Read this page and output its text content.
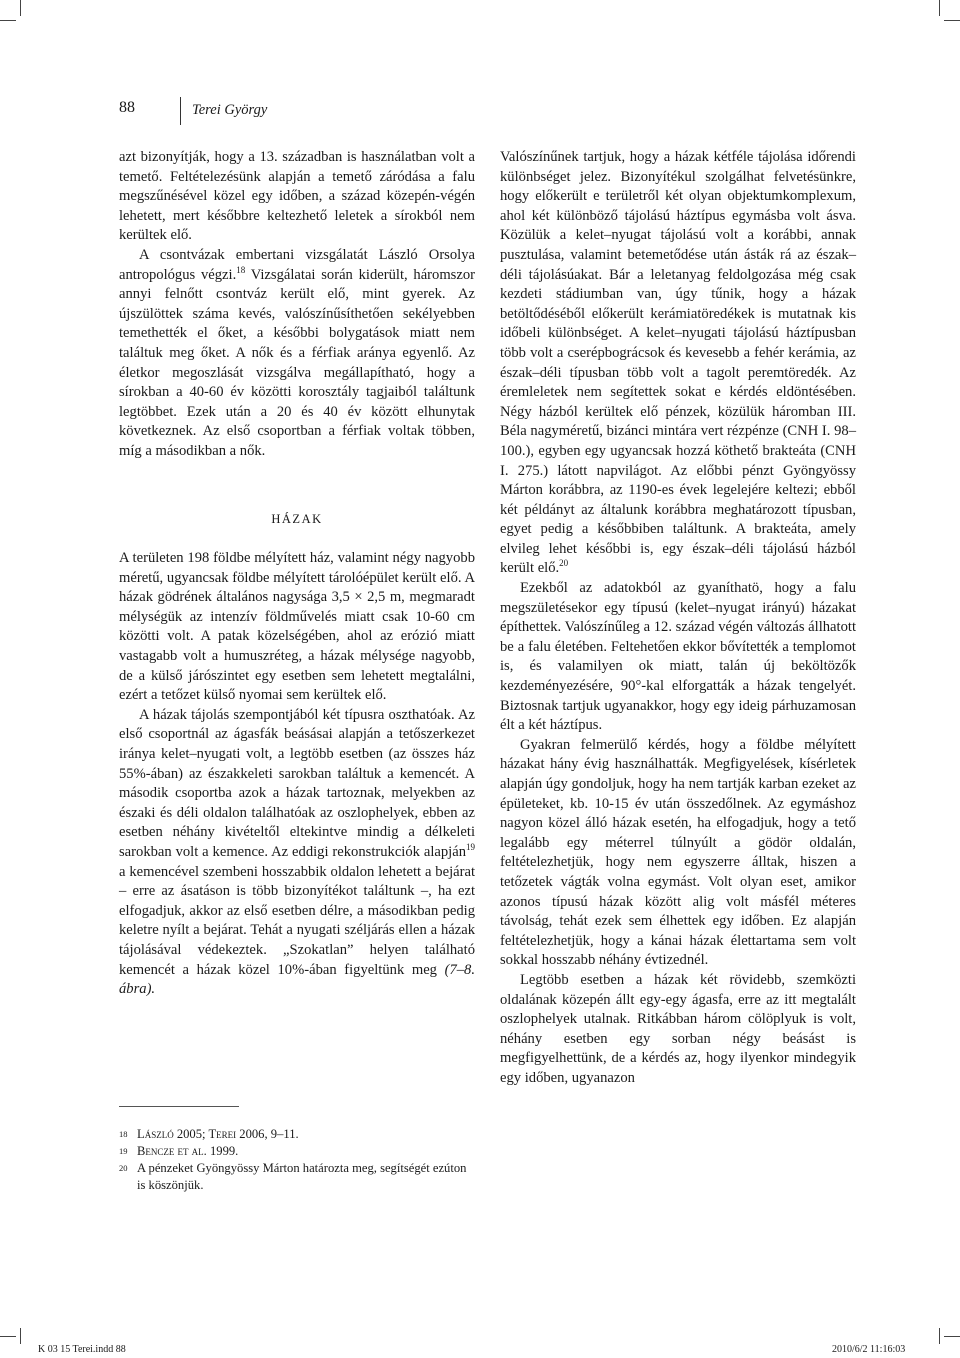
88	Terei György

azt bizonyítják, hogy a 13. században is használatban volt a temető. Feltételezésünk alapján a temető záródása a falu megszűnésével közel egy időben, a század közepén-végén lehetett, mert későbbre keltezhető leletek a sírokból nem kerültek elő.

A csontvázak embertani vizsgálatát László Orsolya antropológus végzi.$^{18}$ Vizsgálatai során kiderült, háromszor annyi felnőtt csontváz került elő, mint gyerek. Az újszülöttek száma kevés, valószínűsíthetően sekélyebben temethették el őket, a későbbi bolygatások miatt nem találtuk meg őket. A nők és a férfiak aránya egyenlő. Az életkor megoszlását vizsgálva megállapítható, hogy a sírokban a 40-60 év közötti korosztály tagjaiból találtunk legtöbbet. Ezek után a 20 és 40 év között elhunytak következnek. Az első csoportban a férfiak voltak többen, míg a másodikban a nők.

HÁZAK

A területen 198 földbe mélyített ház, valamint négy nagyobb méretű, ugyancsak földbe mélyített tárolóépület került elő. A házak gödrének általános nagysága 3,5 × 2,5 m, megmaradt mélységük az intenzív földművelés miatt csak 10-60 cm közötti volt. A patak közelségében, ahol az erózió miatt vastagabb volt a humuszréteg, a házak mélysége nagyobb, de a külső járószintet egy esetben sem lehetett megtalálni, ezért a tetőzet külső nyomai sem kerültek elő.

A házak tájolás szempontjából két típusra oszthatóak. Az első csoportnál az ágasfák beásásai alapján a tetőszerkezet iránya kelet–nyugati volt, a legtöbb esetben (az összes ház 55%-ában) az északkeleti sarokban találtuk a kemencét. A második csoportba azok a házak tartoznak, melyekben az északi és déli oldalon találhatóak az oszlophelyek, ebben az esetben néhány kivételtől eltekintve mindig a délkeleti sarokban volt a kemence. Az eddigi rekonstrukciók alapján$^{19}$ a kemencével szembeni hosszabbik oldalon lehetett a bejárat – erre az ásatáson is több bizonyítékot találtunk –, ha ezt elfogadjuk, akkor az első esetben délre, a másodikban pedig keletre nyílt a bejárat. Tehát a nyugati széljárás ellen a házak tájolásával védekeztek. „Szokatlan” helyen található kemencét a házak közel 10%-ában figyeltünk meg (7–8. ábra).

18 László 2005; Terei 2006, 9–11.
19 Bencze et al. 1999.
20 A pénzeket Gyöngyössy Márton határozta meg, segítségét ezúton is köszönjük.

Valószínűnek tartjuk, hogy a házak kétféle tájolása időrendi különbséget jelez. Bizonyítékul szolgálhat felvetésünkre, hogy előkerült e területről két olyan objektumkomplexum, ahol két különböző tájolású háztípus egymásba volt ásva. Közülük a kelet–nyugat tájolású volt a korábbi, annak pusztulása, valamint betemetődése után ásták rá az észak–déli tájolásúakat. Bár a leletanyag feldolgozása még csak kezdeti stádiumban van, úgy tűnik, hogy a házak betöltődéséből előkerült kerámiatöredékek is mutatnak kis időbeli különbséget. A kelet–nyugati tájolású háztípusban több volt a cserépbográcsok és kevesebb a fehér kerámia, az észak–déli típusban több volt a tagolt peremtöredék. Az éremleletek nem segítettek sokat e kérdés eldöntésében. Négy házból kerültek elő pénzek, közülük háromban III. Béla nagyméretű, bizánci mintára vert rézpénze (CNH I. 98–100.), egyben egy ugyancsak hozzá köthető brakteáta (CNH I. 275.) látott napvilágot. Az előbbi pénzt Gyöngyössy Márton korábbra, az 1190-es évek legelejére keltezi; ebből két példányt az általunk korábbra meghatározott típusban, egyet pedig a későbbiben találtunk. A brakteáta, amely elvileg lehet későbbi is, egy észak–déli tájolású házból került elő.$^{20}$

Ezekből az adatokból az gyaníthatö, hogy a falu megszületésekor egy típusú (kelet–nyugat irányú) házakat építhettek. Valószínűleg a 12. század végén változás állhatott be a falu életében. Feltehetően ekkor bővítették a templomot is, és valamilyen ok miatt, talán új beköltözők kezdeményezésére, 90°-kal elforgatták a házak tengelyét. Biztosnak tartjuk ugyanakkor, hogy egy ideig párhuzamosan élt a két háztípus.

Gyakran felmerülő kérdés, hogy a földbe mélyített házakat hány évig használhatták. Megfigyelések, kísérletek alapján úgy gondoljuk, hogy ha nem tartják karban ezeket az épületeket, kb. 10-15 év után összedőlnek. Az egymáshoz nagyon közel álló házak esetén, ha elfogadjuk, hogy a tető legalább egy méterrel túlnyúlt a gödör oldalán, feltételezhetjük, hogy nem egyszerre álltak, hiszen a tetőzetek vágták volna egymást. Volt olyan eset, amikor azonos típusú házak között alig volt másfél méteres távolság, tehát ezek sem élhettek egy időben. Ez alapján feltételezhetjük, hogy a kánai házak élettartama sem volt sokkal hosszabb néhány évtizednél.

Legtöbb esetben a házak két rövidebb, szemközti oldalának közepén állt egy-egy ágasfa, erre az itt megtalált oszlophelyek utalnak. Ritkábban három cölöplyuk is volt, néhány esetben egy sorban négy beásást is megfigyelhettünk, de a kérdés az, hogy ilyenkor mindegyik egy időben, ugyanazon

K 03 15 Terei.indd 88	2010/6/2 11:16:03
